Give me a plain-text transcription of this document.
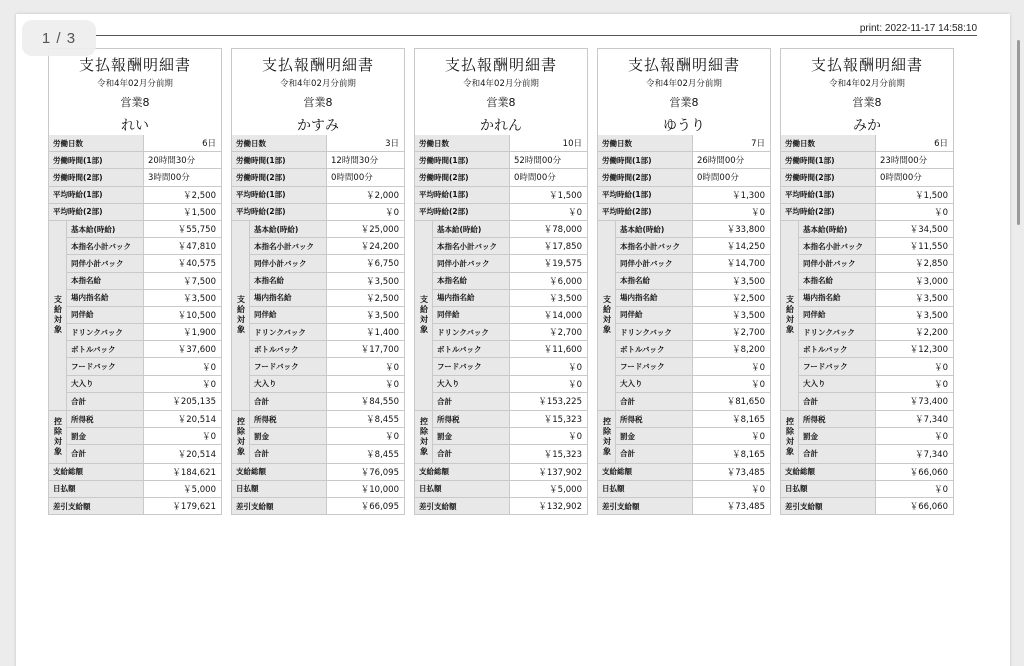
1 / 3
print: 2022-11-17 14:58:10
支払報酬明細書
令和4年02月分前期
営業8
れい
労働日数	6日
労働時間(1部)	20時間30分
労働時間(2部)	3時間00分
平均時給(1部)	￥2,500
平均時給(2部)	￥1,500
支給対象
基本給(時給)	￥55,750
本指名小計バック	￥47,810
同伴小計バック	￥40,575
本指名給	￥7,500
場内指名給	￥3,500
同伴給	￥10,500
ドリンクバック	￥1,900
ボトルバック	￥37,600
フードバック	￥0
大入り	￥0
合計	￥205,135
控除対象	所得税	￥20,514
罰金	￥0
合計	￥20,514
支給総額	￥184,621
日払額	￥5,000
差引支給額	￥179,621
支払報酬明細書
令和4年02月分前期
営業8
かすみ
労働日数	3日
労働時間(1部)	12時間30分
労働時間(2部)	0時間00分
平均時給(1部)	￥2,000
平均時給(2部)	￥0
支給対象
基本給(時給)	￥25,000
本指名小計バック	￥24,200
同伴小計バック	￥6,750
本指名給	￥3,500
場内指名給	￥2,500
同伴給	￥3,500
ドリンクバック	￥1,400
ボトルバック	￥17,700
フードバック	￥0
大入り	￥0
合計	￥84,550
控除対象	所得税	￥8,455
罰金	￥0
合計	￥8,455
支給総額	￥76,095
日払額	￥10,000
差引支給額	￥66,095
支払報酬明細書
令和4年02月分前期
営業8
かれん
労働日数	10日
労働時間(1部)	52時間00分
労働時間(2部)	0時間00分
平均時給(1部)	￥1,500
平均時給(2部)	￥0
支給対象
基本給(時給)	￥78,000
本指名小計バック	￥17,850
同伴小計バック	￥19,575
本指名給	￥6,000
場内指名給	￥3,500
同伴給	￥14,000
ドリンクバック	￥2,700
ボトルバック	￥11,600
フードバック	￥0
大入り	￥0
合計	￥153,225
控除対象	所得税	￥15,323
罰金	￥0
合計	￥15,323
支給総額	￥137,902
日払額	￥5,000
差引支給額	￥132,902
支払報酬明細書
令和4年02月分前期
営業8
ゆうり
労働日数	7日
労働時間(1部)	26時間00分
労働時間(2部)	0時間00分
平均時給(1部)	￥1,300
平均時給(2部)	￥0
支給対象
基本給(時給)	￥33,800
本指名小計バック	￥14,250
同伴小計バック	￥14,700
本指名給	￥3,500
場内指名給	￥2,500
同伴給	￥3,500
ドリンクバック	￥2,700
ボトルバック	￥8,200
フードバック	￥0
大入り	￥0
合計	￥81,650
控除対象	所得税	￥8,165
罰金	￥0
合計	￥8,165
支給総額	￥73,485
日払額	￥0
差引支給額	￥73,485
支払報酬明細書
令和4年02月分前期
営業8
みか
労働日数	6日
労働時間(1部)	23時間00分
労働時間(2部)	0時間00分
平均時給(1部)	￥1,500
平均時給(2部)	￥0
支給対象
基本給(時給)	￥34,500
本指名小計バック	￥11,550
同伴小計バック	￥2,850
本指名給	￥3,000
場内指名給	￥3,500
同伴給	￥3,500
ドリンクバック	￥2,200
ボトルバック	￥12,300
フードバック	￥0
大入り	￥0
合計	￥73,400
控除対象	所得税	￥7,340
罰金	￥0
合計	￥7,340
支給総額	￥66,060
日払額	￥0
差引支給額	￥66,060
